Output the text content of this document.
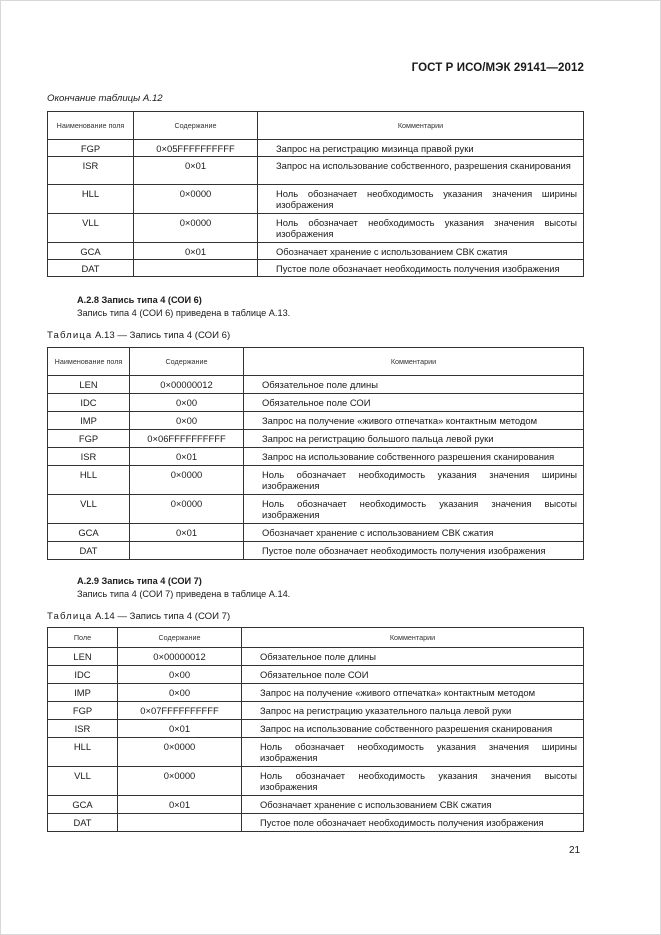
ГОСТ Р ИСО/МЭК 29141—2012
Окончание таблицы А.12
Наименование поля	Содержание	Комментарии
FGP	0×05FFFFFFFFFF	Запрос на регистрацию мизинца правой руки
ISR	0×01	Запрос на использование собственного, разрешения сканирования
HLL	0×0000	Ноль обозначает необходимость указания значения ширины изображения
VLL	0×0000	Ноль обозначает необходимость указания значения высоты изображения
GCA	0×01	Обозначает хранение с использованием СВК сжатия
DAT		Пустое поле обозначает необходимость получения изображения
А.2.8 Запись типа 4 (СОИ 6)
Запись типа 4 (СОИ 6) приведена в таблице А.13.
Таблица А.13 — Запись типа 4 (СОИ 6)
Наименование поля	Содержание	Комментарии
LEN	0×00000012	Обязательное поле длины
IDC	0×00	Обязательное поле СОИ
IMP	0×00	Запрос на получение «живого отпечатка» контактным методом
FGP	0×06FFFFFFFFFF	Запрос на регистрацию большого пальца левой руки
ISR	0×01	Запрос на использование собственного разрешения сканирования
HLL	0×0000	Ноль обозначает необходимость указания значения ширины изображения
VLL	0×0000	Ноль обозначает необходимость указания значения высоты изображения
GCA	0×01	Обозначает хранение с использованием СВК сжатия
DAT		Пустое поле обозначает необходимость получения изображения
А.2.9 Запись типа 4 (СОИ 7)
Запись типа 4 (СОИ 7) приведена в таблице А.14.
Таблица А.14 — Запись типа 4 (СОИ 7)
Поле	Содержание	Комментарии
LEN	0×00000012	Обязательное поле длины
IDC	0×00	Обязательное поле СОИ
IMP	0×00	Запрос на получение «живого отпечатка» контактным методом
FGP	0×07FFFFFFFFFF	Запрос на регистрацию указательного пальца левой руки
ISR	0×01	Запрос на использование собственного разрешения сканирования
HLL	0×0000	Ноль обозначает необходимость указания значения ширины изображения
VLL	0×0000	Ноль обозначает необходимость указания значения высоты изображения
GCA	0×01	Обозначает хранение с использованием СВК сжатия
DAT		Пустое поле обозначает необходимость получения изображения
21
